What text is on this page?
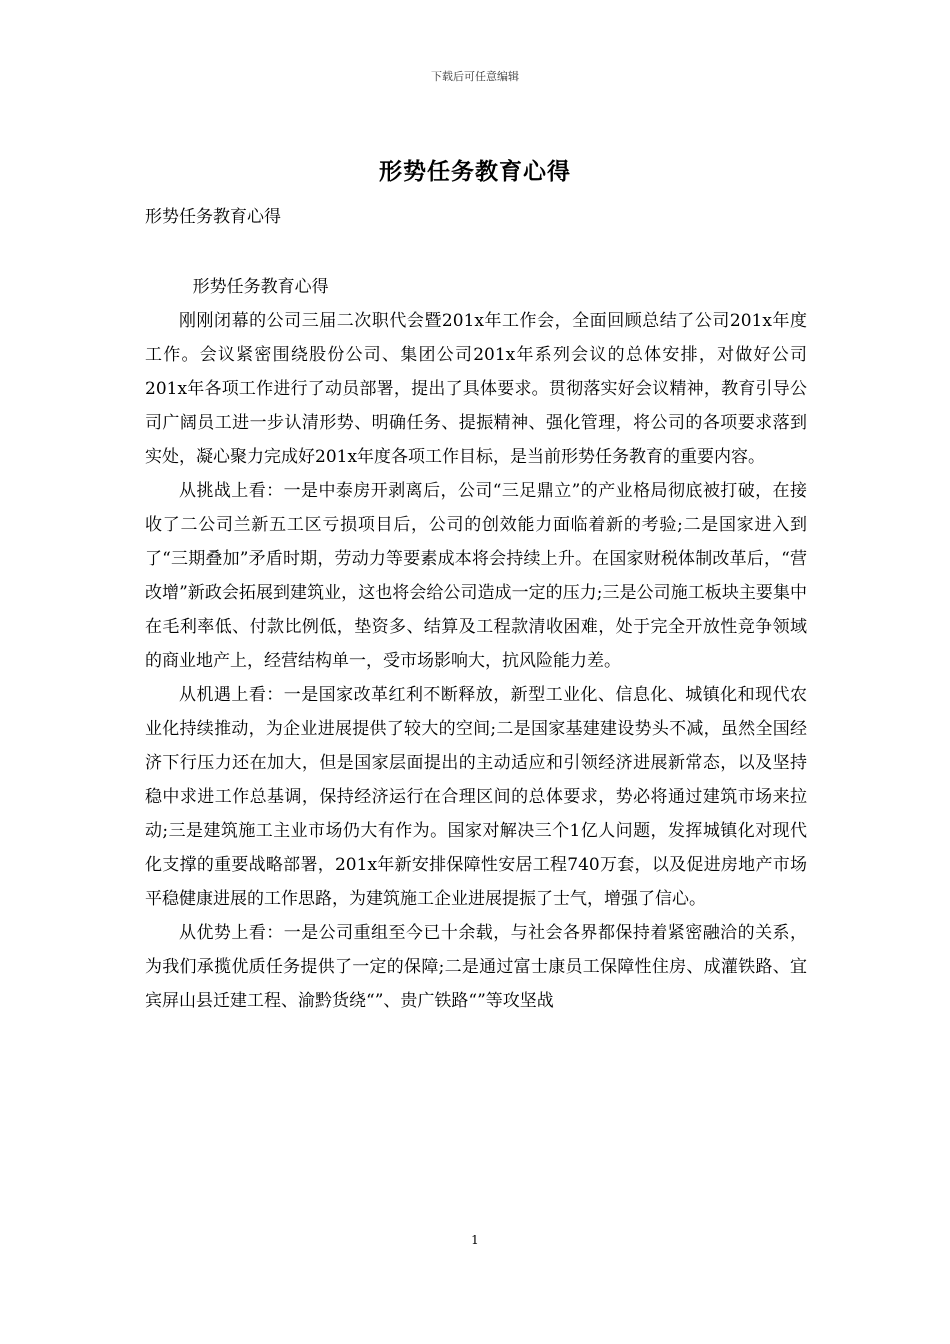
下载后可任意编辑
形势任务教育心得
形势任务教育心得

形势任务教育心得

刚刚闭幕的公司三届二次职代会暨201x年工作会，全面回顾总结了公司201x年度工作。会议紧密围绕股份公司、集团公司201x年系列会议的总体安排，对做好公司201x年各项工作进行了动员部署，提出了具体要求。贯彻落实好会议精神，教育引导公司广阔员工进一步认清形势、明确任务、提振精神、强化管理，将公司的各项要求落到实处，凝心聚力完成好201x年度各项工作目标，是当前形势任务教育的重要内容。

从挑战上看：一是中泰房开剥离后，公司“三足鼎立”的产业格局彻底被打破，在接收了二公司兰新五工区亏损项目后，公司的创效能力面临着新的考验;二是国家进入到了“三期叠加”矛盾时期，劳动力等要素成本将会持续上升。在国家财税体制改革后，“营改增”新政会拓展到建筑业，这也将会给公司造成一定的压力;三是公司施工板块主要集中在毛利率低、付款比例低，垫资多、结算及工程款清收困难，处于完全开放性竞争领域的商业地产上，经营结构单一，受市场影响大，抗风险能力差。

从机遇上看：一是国家改革红利不断释放，新型工业化、信息化、城镇化和现代农业化持续推动，为企业进展提供了较大的空间;二是国家基建建设势头不减，虽然全国经济下行压力还在加大，但是国家层面提出的主动适应和引领经济进展新常态，以及坚持稳中求进工作总基调，保持经济运行在合理区间的总体要求，势必将通过建筑市场来拉动;三是建筑施工主业市场仍大有作为。国家对解决三个1亿人问题，发挥城镇化对现代化支撑的重要战略部署，201x年新安排保障性安居工程740万套，以及促进房地产市场平稳健康进展的工作思路，为建筑施工企业进展提振了士气，增强了信心。

从优势上看：一是公司重组至今已十余载，与社会各界都保持着紧密融洽的关系，为我们承揽优质任务提供了一定的保障;二是通过富士康员工保障性住房、成灌铁路、宜宾屏山县迁建工程、渝黔货绕“”、贵广铁路“”等攻坚战

1
